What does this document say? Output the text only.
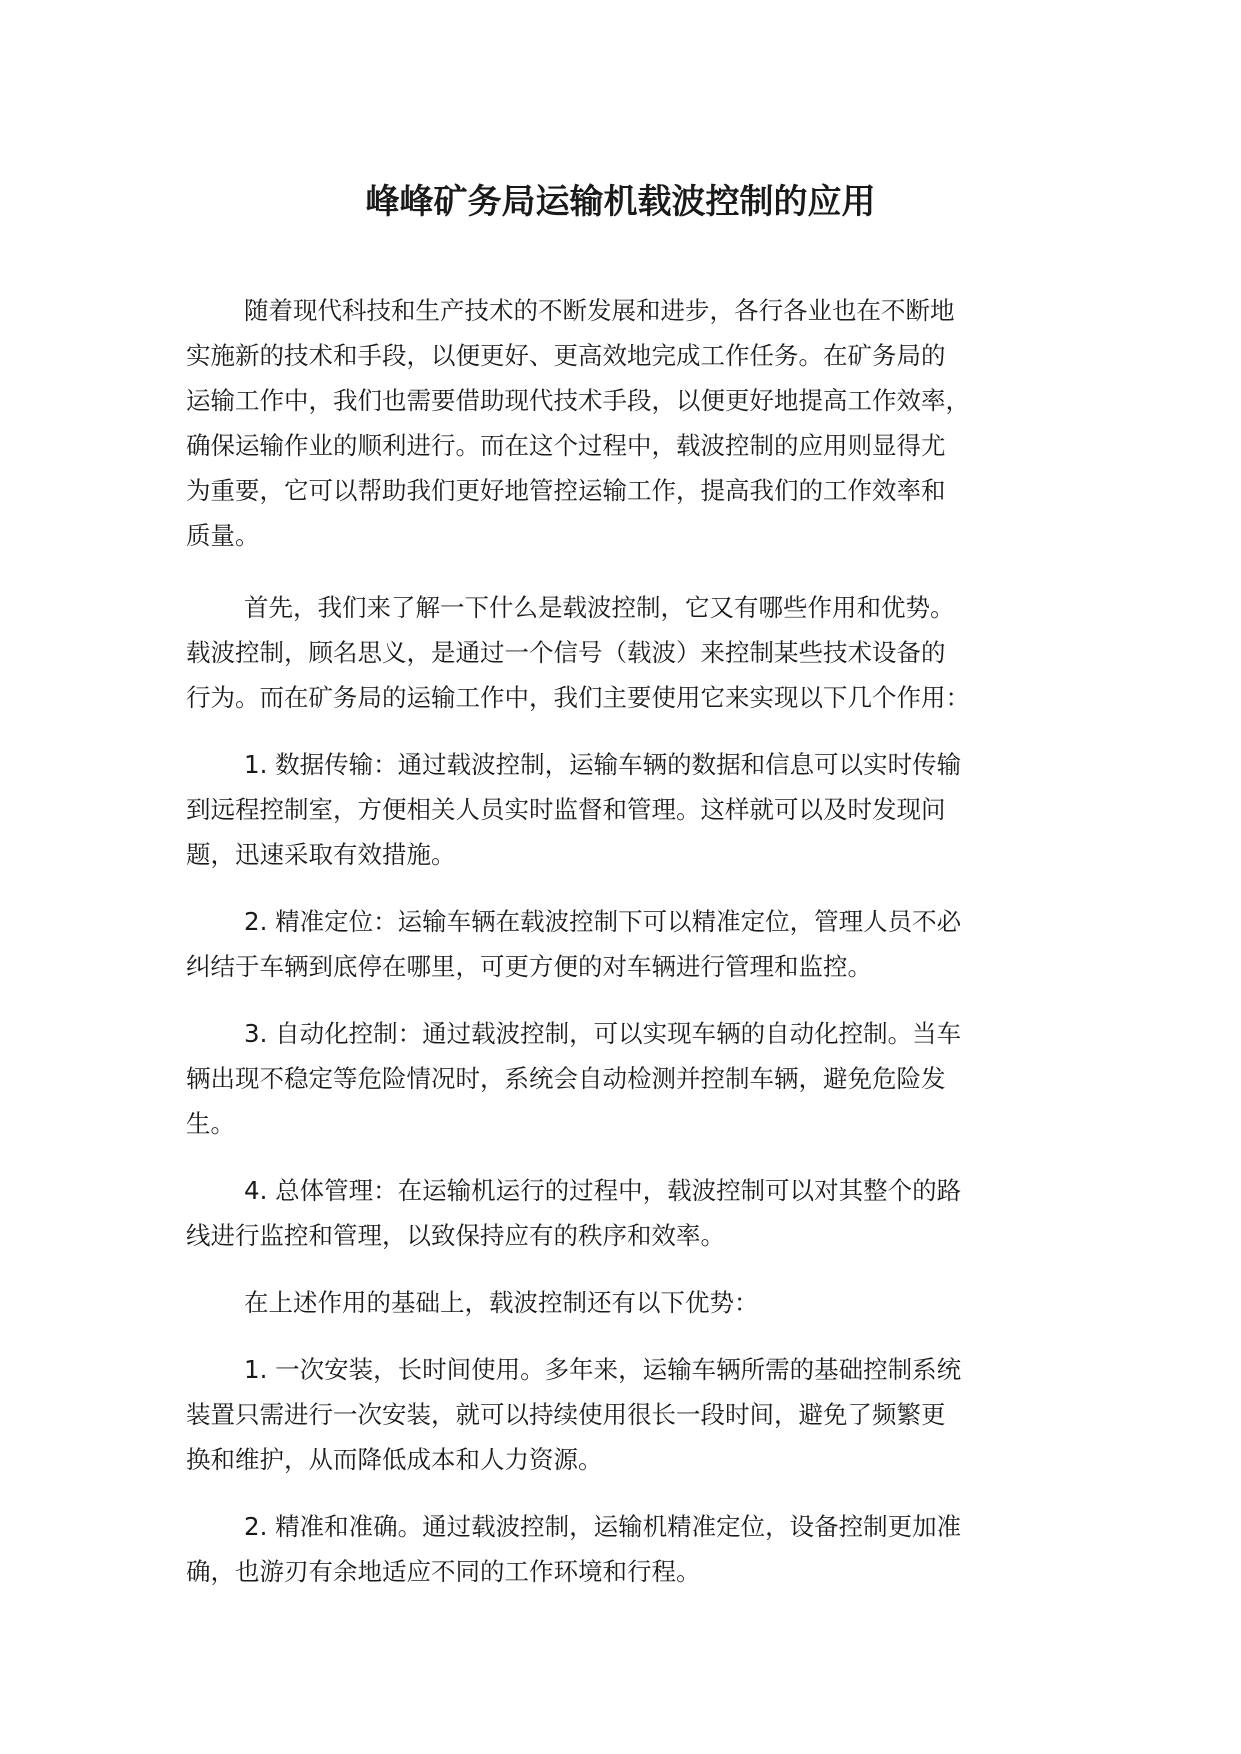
峰峰矿务局运输机载波控制的应用

随着现代科技和生产技术的不断发展和进步，各行各业也在不断地
实施新的技术和手段，以便更好、更高效地完成工作任务。在矿务局的
运输工作中，我们也需要借助现代技术手段，以便更好地提高工作效率，
确保运输作业的顺利进行。而在这个过程中，载波控制的应用则显得尤
为重要，它可以帮助我们更好地管控运输工作，提高我们的工作效率和
质量。

首先，我们来了解一下什么是载波控制，它又有哪些作用和优势。
载波控制，顾名思义，是通过一个信号（载波）来控制某些技术设备的
行为。而在矿务局的运输工作中，我们主要使用它来实现以下几个作用：

1. 数据传输：通过载波控制，运输车辆的数据和信息可以实时传输
到远程控制室，方便相关人员实时监督和管理。这样就可以及时发现问
题，迅速采取有效措施。

2. 精准定位：运输车辆在载波控制下可以精准定位，管理人员不必
纠结于车辆到底停在哪里，可更方便的对车辆进行管理和监控。

3. 自动化控制：通过载波控制，可以实现车辆的自动化控制。当车
辆出现不稳定等危险情况时，系统会自动检测并控制车辆，避免危险发
生。

4. 总体管理：在运输机运行的过程中，载波控制可以对其整个的路
线进行监控和管理，以致保持应有的秩序和效率。

在上述作用的基础上，载波控制还有以下优势：

1. 一次安装，长时间使用。多年来，运输车辆所需的基础控制系统
装置只需进行一次安装，就可以持续使用很长一段时间，避免了频繁更
换和维护，从而降低成本和人力资源。

2. 精准和准确。通过载波控制，运输机精准定位，设备控制更加准
确，也游刃有余地适应不同的工作环境和行程。
